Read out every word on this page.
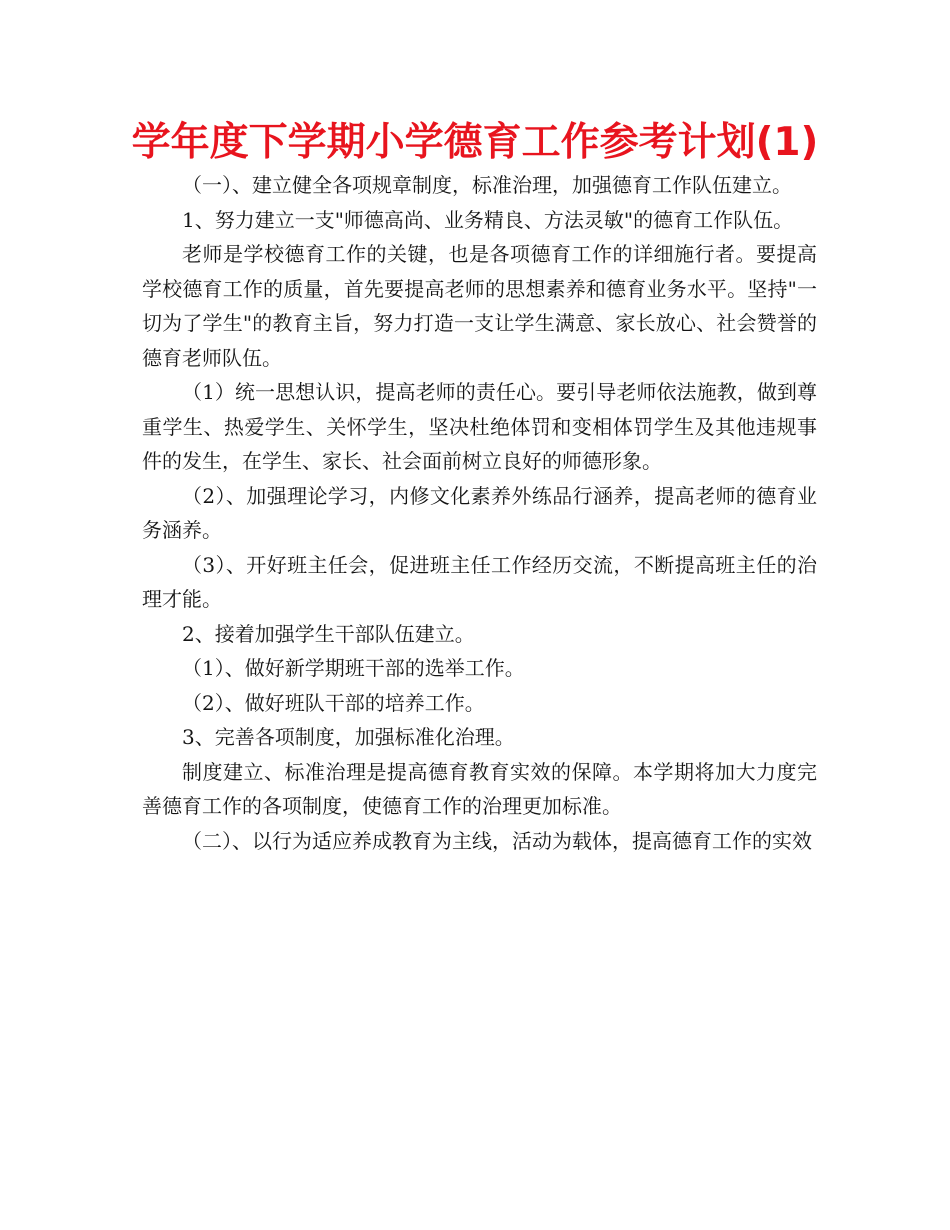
学年度下学期小学德育工作参考计划(1)

（一）、建立健全各项规章制度，标准治理，加强德育工作队伍建立。

1、努力建立一支"师德高尚、业务精良、方法灵敏"的德育工作队伍。

老师是学校德育工作的关键，也是各项德育工作的详细施行者。要提高学校德育工作的质量，首先要提高老师的思想素养和德育业务水平。坚持"一切为了学生"的教育主旨，努力打造一支让学生满意、家长放心、社会赞誉的德育老师队伍。

（1）统一思想认识，提高老师的责任心。要引导老师依法施教，做到尊重学生、热爱学生、关怀学生，坚决杜绝体罚和变相体罚学生及其他违规事件的发生，在学生、家长、社会面前树立良好的师德形象。

（2）、加强理论学习，内修文化素养外练品行涵养，提高老师的德育业务涵养。

（3）、开好班主任会，促进班主任工作经历交流，不断提高班主任的治理才能。

2、接着加强学生干部队伍建立。

（1）、做好新学期班干部的选举工作。

（2）、做好班队干部的培养工作。

3、完善各项制度，加强标准化治理。

制度建立、标准治理是提高德育教育实效的保障。本学期将加大力度完善德育工作的各项制度，使德育工作的治理更加标准。

（二）、以行为适应养成教育为主线，活动为载体，提高德育工作的实效
